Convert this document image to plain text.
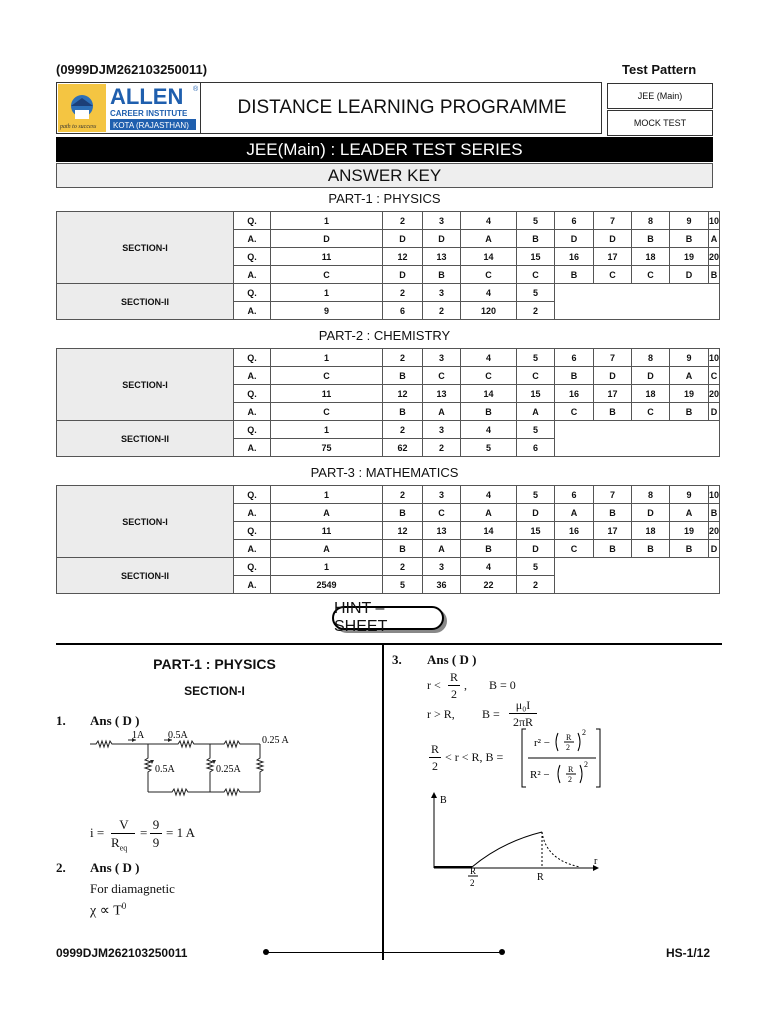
(0999DJM262103250011)	Test Pattern
path to success
ALLEN ®
CAREER INSTITUTE
KOTA (RAJASTHAN)
DISTANCE LEARNING PROGRAMME
JEE (Main)
MOCK TEST
JEE(Main) : LEADER TEST SERIES
ANSWER KEY
PART-1 : PHYSICS
PART-2 : CHEMISTRY
PART-3 : MATHEMATICS
SECTION-I	Q.	1	2	3	4	5	6	7	8	9	10
	A.	D	D	D	A	B	D	D	B	B	A
	Q.	11	12	13	14	15	16	17	18	19	20
	A.	C	D	B	C	C	B	C	C	D	B
SECTION-II	Q.	1	2	3	4	5					
	A.	9	6	2	120	2					
SECTION-I	Q.	1	2	3	4	5	6	7	8	9	10
	A.	C	B	C	C	C	B	D	D	A	C
	Q.	11	12	13	14	15	16	17	18	19	20
	A.	C	B	A	B	A	C	B	C	B	D
SECTION-II	Q.	1	2	3	4	5					
	A.	75	62	2	5	6					
SECTION-I	Q.	1	2	3	4	5	6	7	8	9	10
	A.	A	B	C	A	D	A	B	D	A	B
	Q.	11	12	13	14	15	16	17	18	19	20
	A.	A	B	A	B	D	C	B	B	B	D
SECTION-II	Q.	1	2	3	4	5					
	A.	2549	5	36	22	2					
HINT – SHEET
PART-1 : PHYSICS
SECTION-I
1. Ans ( D )
1A 0.5A	0.25 A
0.5A	0.25A
i =
V
$R_{eq}$
=
9
9
= 1 A
2. Ans ( D )
For diamagnetic
$\chi \propto T^0$
3. Ans ( D )
r <
R
2
, B = 0
r > R, B =
μ₀I
2πR
R
2
< r < R, B =
r² − R
2
2
R² − R
2
2
B
r
R
2	R
0999DJM262103250011	HS-1/12
